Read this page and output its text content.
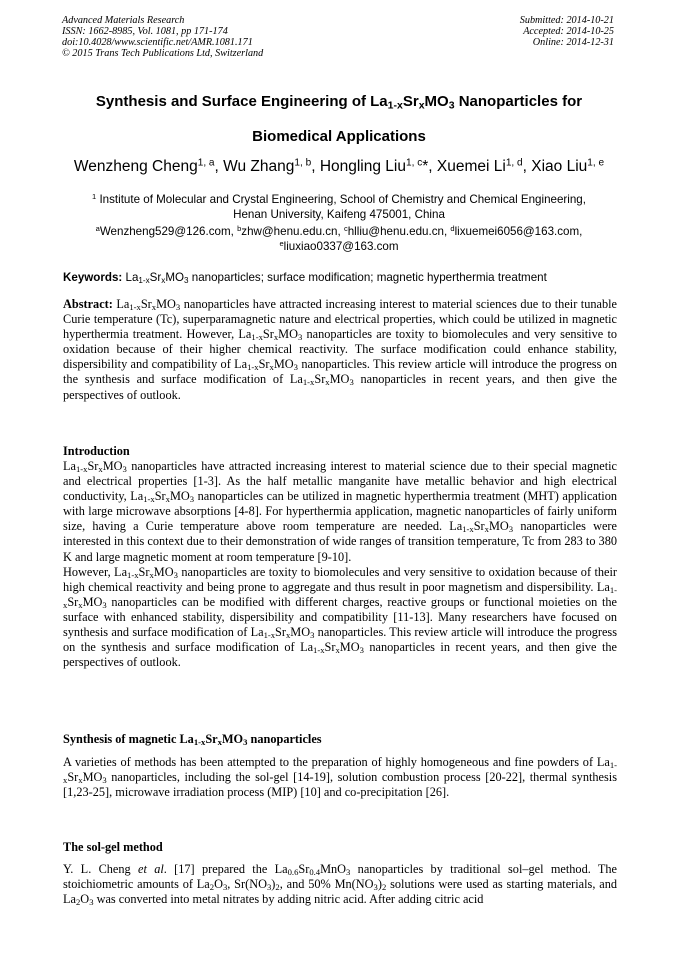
Advanced Materials Research
ISSN: 1662-8985, Vol. 1081, pp 171-174
doi:10.4028/www.scientific.net/AMR.1081.171
© 2015 Trans Tech Publications Ltd, Switzerland
Submitted: 2014-10-21
Accepted: 2014-10-25
Online: 2014-12-31
Synthesis and Surface Engineering of $La_{1-x}Sr_xMO_3$ Nanoparticles for
Biomedical Applications
Wenzheng Cheng$^{1, a}$, Wu Zhang$^{1, b}$, Hongling Liu$^{1, c}$*, Xuemei Li$^{1, d}$, Xiao Liu$^{1, e}$
$^1$ Institute of Molecular and Crystal Engineering, School of Chemistry and Chemical Engineering,
Henan University, Kaifeng 475001, China
$^a$Wenzheng529@126.com, $^b$zhw@henu.edu.cn, $^c$hlliu@henu.edu.cn, $^d$lixuemei6056@163.com,
$^e$liuxiao0337@163.com
Keywords: $La_{1-x}Sr_xMO_3$ nanoparticles; surface modification; magnetic hyperthermia treatment
Abstract: $La_{1-x}Sr_xMO_3$ nanoparticles have attracted increasing interest to material sciences due to their tunable Curie temperature (Tc), superparamagnetic nature and electrical properties, which could be utilized in magnetic hyperthermia treatment. However, $La_{1-x}Sr_xMO_3$ nanoparticles are toxity to biomolecules and very sensitive to oxidation because of their higher chemical reactivity. The surface modification could enhance stability, dispersibility and compatibility of $La_{1-x}Sr_xMO_3$ nanoparticles. This review article will introduce the progress on the synthesis and surface modification of $La_{1-x}Sr_xMO_3$ nanoparticles in recent years, and then give the perspectives of outlook.
Introduction

$La_{1-x}Sr_xMO_3$ nanoparticles have attracted increasing interest to material science due to their special magnetic and electrical properties [1-3]. As the half metallic manganite have metallic behavior and high electrical conductivity, $La_{1-x}Sr_xMO_3$ nanoparticles can be utilized in magnetic hyperthermia treatment (MHT) application with large microwave absorptions [4-8]. For hyperthermia application, magnetic nanoparticles of fairly uniform size, having a Curie temperature above room temperature are needed. $La_{1-x}Sr_xMO_3$ nanoparticles were interested in this context due to their demonstration of wide ranges of transition temperature, Tc from 283 to 380 K and large magnetic moment at room temperature [9-10].

However, $La_{1-x}Sr_xMO_3$ nanoparticles are toxity to biomolecules and very sensitive to oxidation because of their high chemical reactivity and being prone to aggregate and thus result in poor magnetism and dispersibility. $La_{1-x}Sr_xMO_3$ nanoparticles can be modified with different charges, reactive groups or functional moieties on the surface with enhanced stability, dispersibility and compatibility [11-13]. Many researchers have focused on synthesis and surface modification of $La_{1-x}Sr_xMO_3$ nanoparticles. This review article will introduce the progress on the synthesis and surface modification of $La_{1-x}Sr_xMO_3$ nanoparticles in recent years, and then give the perspectives of outlook.

Synthesis of magnetic $La_{1-x}Sr_xMO_3$ nanoparticles

A varieties of methods has been attempted to the preparation of highly homogeneous and fine powders of $La_{1-x}Sr_xMO_3$ nanoparticles, including the sol-gel [14-19], solution combustion process [20-22], thermal synthesis [1,23-25], microwave irradiation process (MIP) [10] and co-precipitation [26].

The sol-gel method

Y. L. Cheng et al. [17] prepared the $La_{0.6}Sr_{0.4}MnO_3$ nanoparticles by traditional sol–gel method. The stoichiometric amounts of $La_2O_3$, $Sr(NO_3)_2$, and 50% $Mn(NO_3)_2$ solutions were used as starting materials, and $La_2O_3$ was converted into metal nitrates by adding nitric acid. After adding citric acid
